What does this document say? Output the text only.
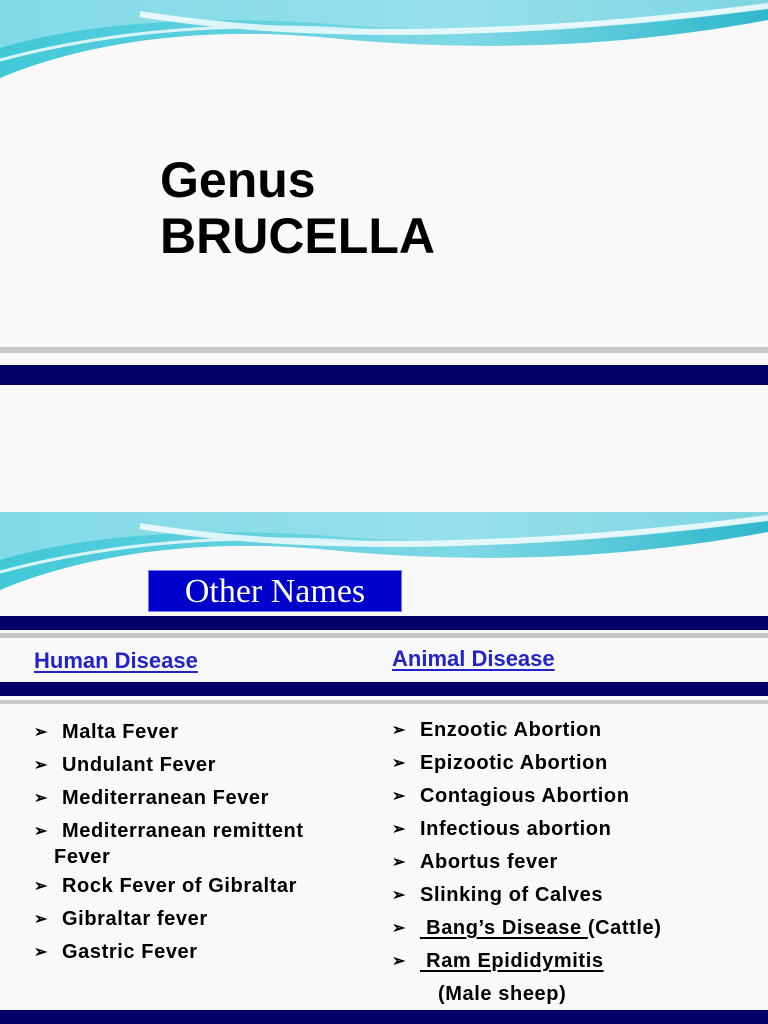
Genus
BRUCELLA
Other Names
Human Disease	Animal Disease
➢ Malta Fever
➢ Undulant Fever
➢ Mediterranean Fever
➢ Mediterranean remittent
Fever
➢ Rock Fever of Gibraltar
➢ Gibraltar fever
➢ Gastric Fever
➢ Enzootic Abortion
➢ Epizootic Abortion
➢ Contagious Abortion
➢ Infectious abortion
➢ Abortus fever
➢ Slinking of Calves
➢ Bang’s Disease (Cattle)
➢ Ram Epididymitis
(Male sheep)
